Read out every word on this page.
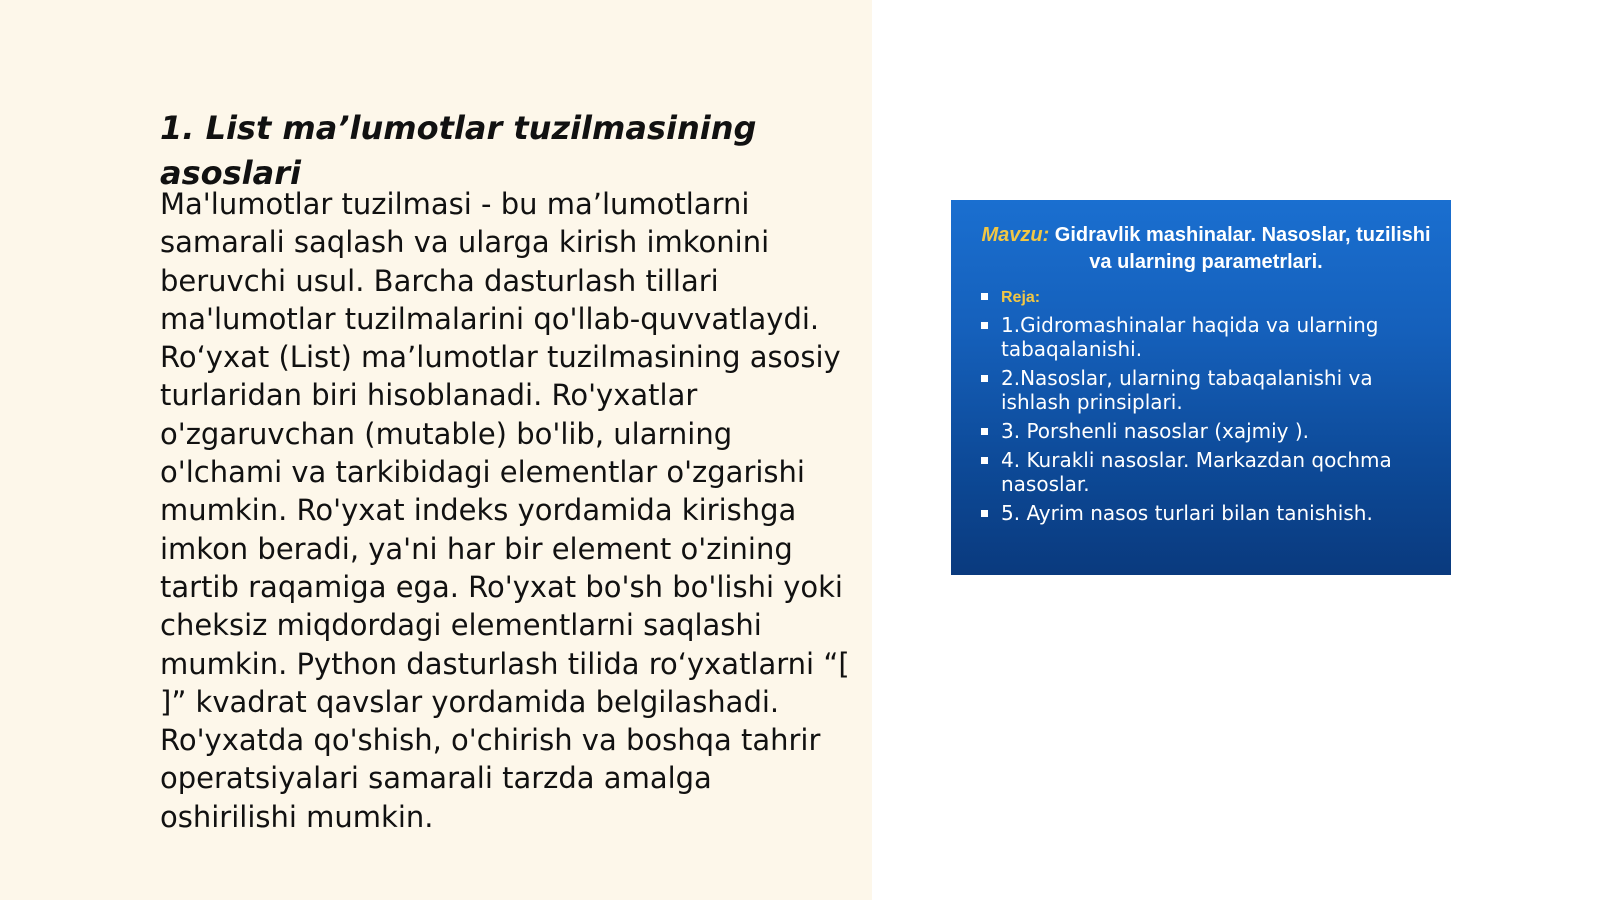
1. List ma’lumotlar tuzilmasining asoslari

Ma'lumotlar tuzilmasi - bu ma’lumotlarni samarali saqlash va ularga kirish imkonini beruvchi usul. Barcha dasturlash tillari ma'lumotlar tuzilmalarini qo'llab-quvvatlaydi. Ro‘yxat (List) ma’lumotlar tuzilmasining asosiy turlaridan biri hisoblanadi. Ro'yxatlar o'zgaruvchan (mutable) bo'lib, ularning o'lchami va tarkibidagi elementlar o'zgarishi mumkin. Ro'yxat indeks yordamida kirishga imkon beradi, ya'ni har bir element o'zining tartib raqamiga ega. Ro'yxat bo'sh bo'lishi yoki cheksiz miqdordagi elementlarni saqlashi mumkin. Python dasturlash tilida ro‘yxatlarni “[ ]” kvadrat qavslar yordamida belgilashadi. Ro'yxatda qo'shish, o'chirish va boshqa tahrir operatsiyalari samarali tarzda amalga oshirilishi mumkin.

Mavzu: Gidravlik mashinalar. Nasoslar, tuzilishi va ularning parametrlari.
Reja:
1.Gidromashinalar haqida va ularning tabaqalanishi.
2.Nasoslar, ularning tabaqalanishi va ishlash prinsiplari.
3. Porshenli nasoslar (xajmiy ).
4. Kurakli nasoslar. Markazdan qochma nasoslar.
5. Ayrim nasos turlari bilan tanishish.
